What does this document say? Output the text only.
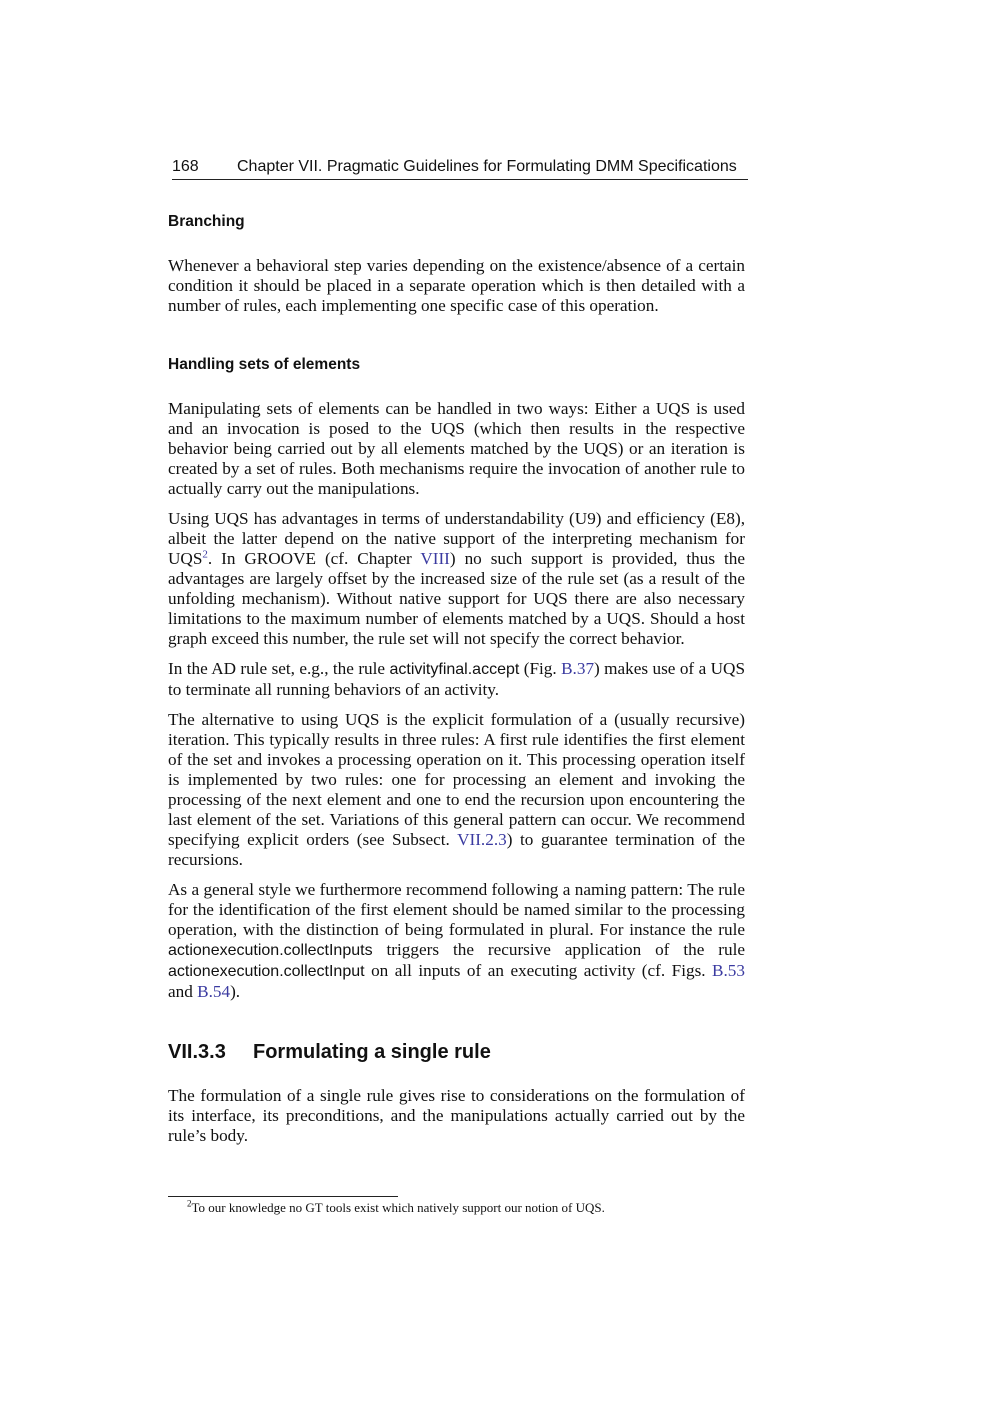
168 Chapter VII. Pragmatic Guidelines for Formulating DMM Specifications
Branching

Whenever a behavioral step varies depending on the existence/absence of a certain condition it should be placed in a separate operation which is then detailed with a number of rules, each implementing one specific case of this operation.

Handling sets of elements

Manipulating sets of elements can be handled in two ways: Either a UQS is used and an invocation is posed to the UQS (which then results in the respective behavior being carried out by all elements matched by the UQS) or an iteration is created by a set of rules. Both mechanisms require the invocation of another rule to actually carry out the manipulations.

Using UQS has advantages in terms of understandability (U9) and efficiency (E8), albeit the latter depend on the native support of the interpreting mechanism for UQS$^2$. In GROOVE (cf. Chapter VIII) no such support is provided, thus the advantages are largely offset by the increased size of the rule set (as a result of the unfolding mechanism). Without native support for UQS there are also necessary limitations to the maximum number of elements matched by a UQS. Should a host graph exceed this number, the rule set will not specify the correct behavior.

In the AD rule set, e.g., the rule activityfinal.accept (Fig. B.37) makes use of a UQS to terminate all running behaviors of an activity.

The alternative to using UQS is the explicit formulation of a (usually recursive) iteration. This typically results in three rules: A first rule identifies the first element of the set and invokes a processing operation on it. This processing operation itself is implemented by two rules: one for processing an element and invoking the processing of the next element and one to end the recursion upon encountering the last element of the set. Variations of this general pattern can occur. We recommend specifying explicit orders (see Subsect. VII.2.3) to guarantee termination of the recursions.

As a general style we furthermore recommend following a naming pattern: The rule for the identification of the first element should be named similar to the processing operation, with the distinction of being formulated in plural. For instance the rule actionexecution.collectInputs triggers the recursive application of the rule actionexecution.collectInput on all inputs of an executing activity (cf. Figs. B.53 and B.54).

VII.3.3 Formulating a single rule

The formulation of a single rule gives rise to considerations on the formulation of its interface, its preconditions, and the manipulations actually carried out by the rule’s body.

$^2$To our knowledge no GT tools exist which natively support our notion of UQS.
